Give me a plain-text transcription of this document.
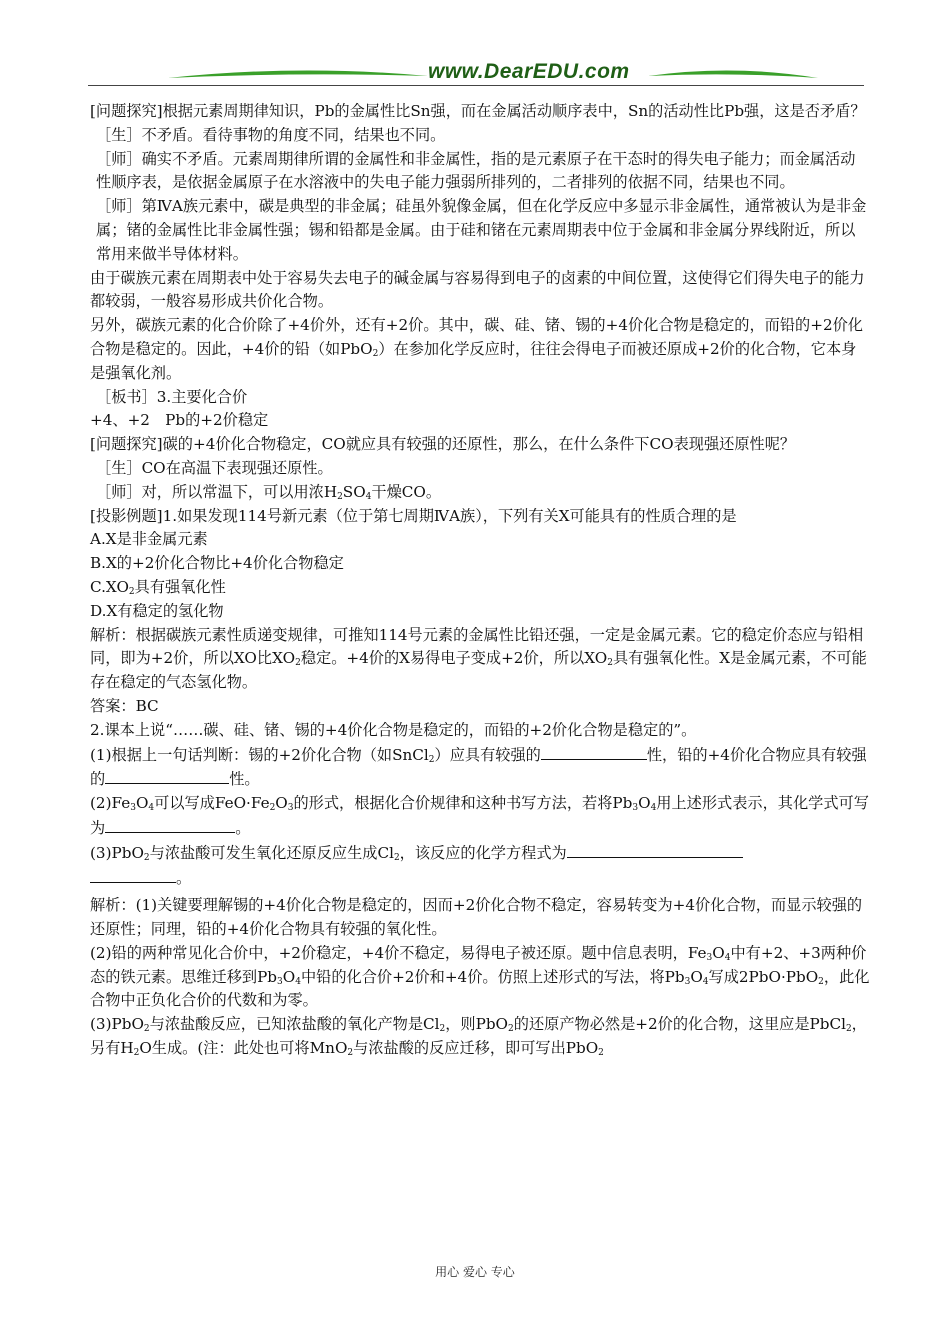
www.DearEDU.com

[问题探究]根据元素周期律知识，Pb的金属性比Sn强，而在金属活动顺序表中，Sn的活动性比Pb强，这是否矛盾？

［生］不矛盾。看待事物的角度不同，结果也不同。

［师］确实不矛盾。元素周期律所谓的金属性和非金属性，指的是元素原子在干态时的得失电子能力；而金属活动性顺序表，是依据金属原子在水溶液中的失电子能力强弱所排列的，二者排列的依据不同，结果也不同。

［师］第ⅣA族元素中，碳是典型的非金属；硅虽外貌像金属，但在化学反应中多显示非金属性，通常被认为是非金属；锗的金属性比非金属性强；锡和铅都是金属。由于硅和锗在元素周期表中位于金属和非金属分界线附近，所以常用来做半导体材料。

由于碳族元素在周期表中处于容易失去电子的碱金属与容易得到电子的卤素的中间位置，这使得它们得失电子的能力都较弱，一般容易形成共价化合物。

另外，碳族元素的化合价除了+4价外，还有+2价。其中，碳、硅、锗、锡的+4价化合物是稳定的，而铅的+2价化合物是稳定的。因此，+4价的铅（如PbO$_2$）在参加化学反应时，往往会得电子而被还原成+2价的化合物，它本身是强氧化剂。

［板书］3.主要化合价

+4、+2　Pb的+2价稳定

[问题探究]碳的+4价化合物稳定，CO就应具有较强的还原性，那么，在什么条件下CO表现强还原性呢？

［生］CO在高温下表现强还原性。

［师］对，所以常温下，可以用浓$H_2SO_4$干燥CO。

[投影例题]1.如果发现114号新元素（位于第七周期ⅣA族），下列有关X可能具有的性质合理的是

A.X是非金属元素

B.X的+2价化合物比+4价化合物稳定

$C.XO_2$具有强氧化性

D.X有稳定的氢化物

解析：根据碳族元素性质递变规律，可推知114号元素的金属性比铅还强，一定是金属元素。它的稳定价态应与铅相同，即为+2价，所以XO比$XO_2$稳定。+4价的X易得电子变成+2价，所以$XO_2$具有强氧化性。X是金属元素，不可能存在稳定的气态氢化物。

答案：BC

2.课本上说“……碳、硅、锗、锡的+4价化合物是稳定的，而铅的+2价化合物是稳定的”。

(1)根据上一句话判断：锡的+2价化合物（如SnCl$_2$）应具有较强的	性，铅的+4价化合物应具有较强的	性。

$(2)Fe_3O_4$可以写成$FeO\cdot Fe_2O_3$的形式，根据化合价规律和这种书写方法，若将$Pb_3O_4$用上述形式表示，其化学式可写为	。

(3)PbO$_2$与浓盐酸可发生氧化还原反应生成$Cl_2$，该反应的化学方程式为
。

解析：(1)关键要理解锡的+4价化合物是稳定的，因而+2价化合物不稳定，容易转变为+4价化合物，而显示较强的还原性；同理，铅的+4价化合物具有较强的氧化性。

(2)铅的两种常见化合价中，+2价稳定，+4价不稳定，易得电子被还原。题中信息表明，$Fe_3O_4$中有+2、+3两种价态的铁元素。思维迁移到$Pb_3O_4$中铅的化合价+2价和+4价。仿照上述形式的写法，将$Pb_3O_4$写成2PbO·PbO$_2$，此化合物中正负化合价的代数和为零。

(3)PbO$_2$与浓盐酸反应，已知浓盐酸的氧化产物是$Cl_2$，则PbO$_2$的还原产物必然是+2价的化合物，这里应是PbCl$_2$，另有$H_2O$生成。(注：此处也可将MnO$_2$与浓盐酸的反应迁移，即可写出PbO$_2$

用心 爱心 专心
